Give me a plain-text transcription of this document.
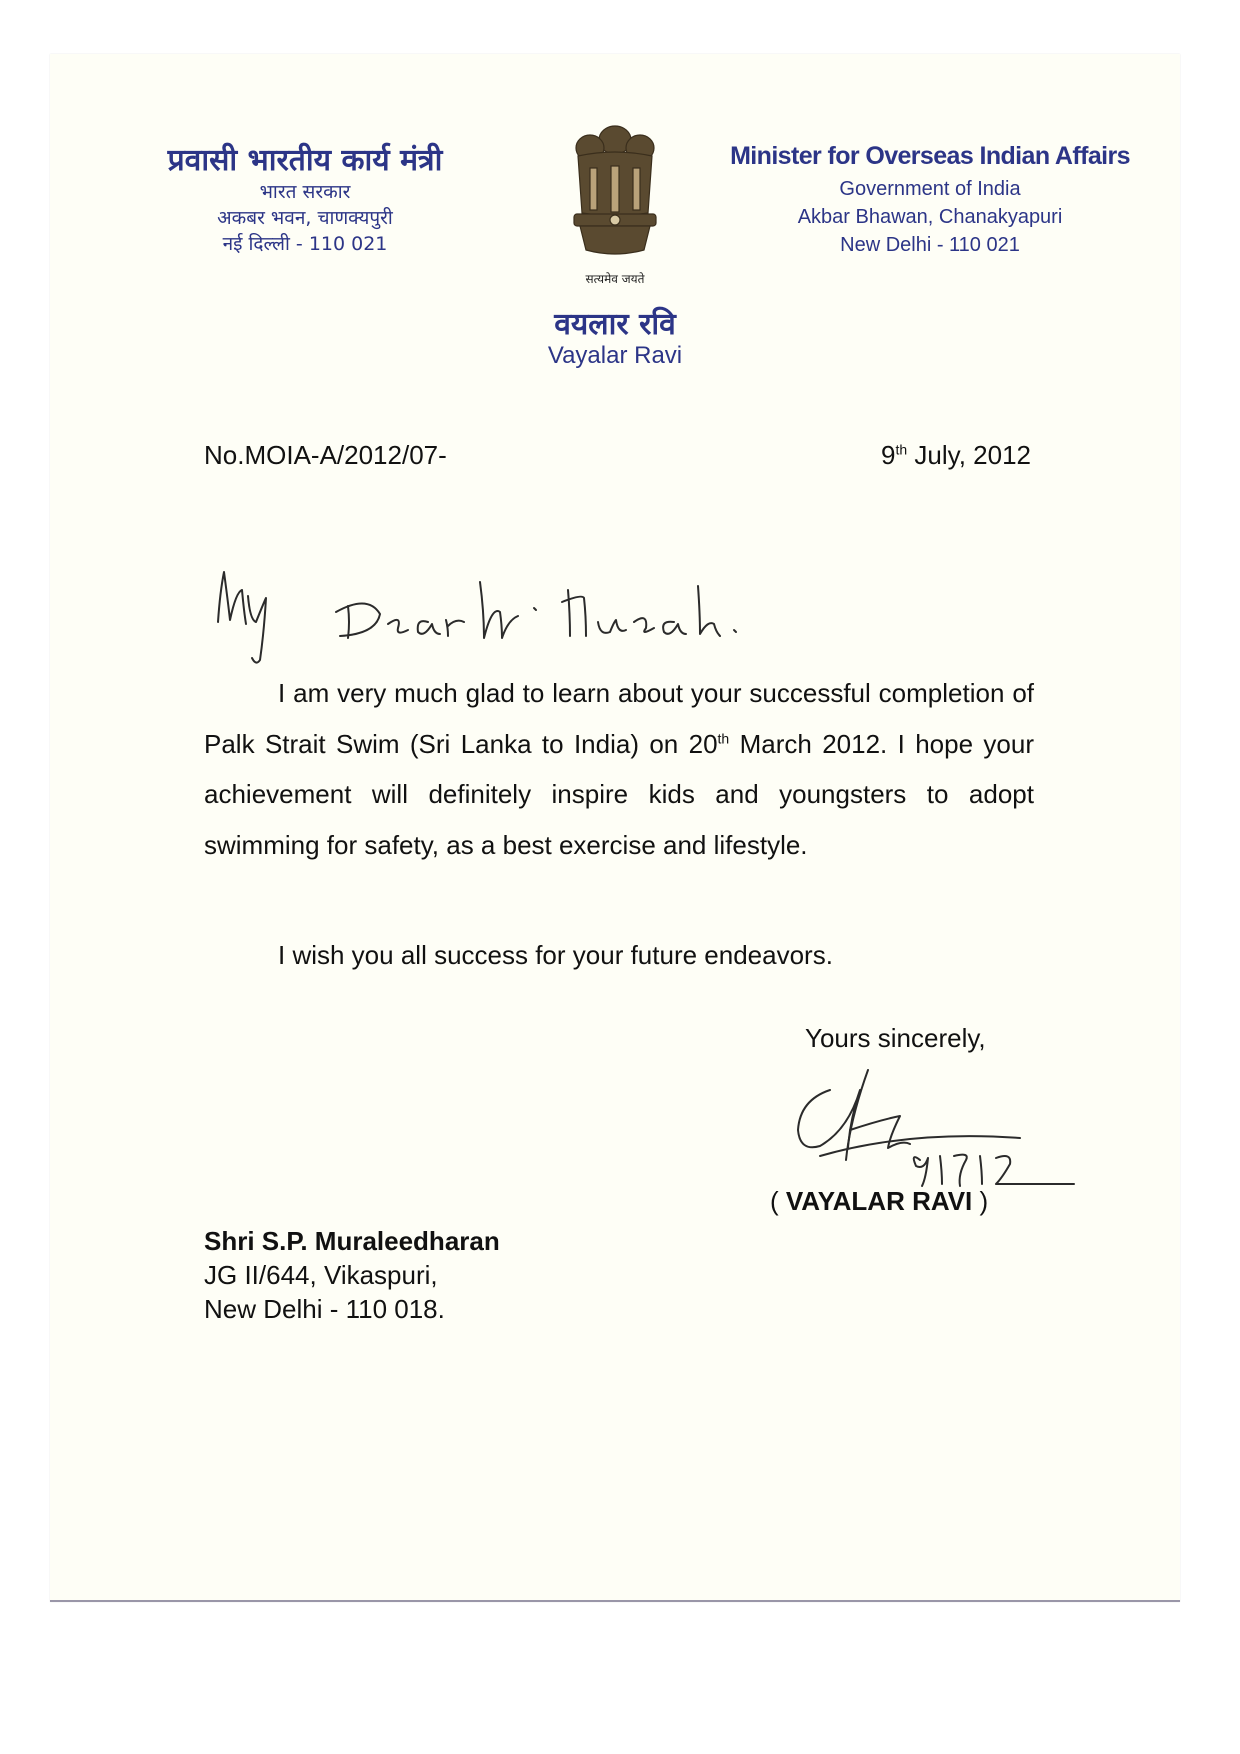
प्रवासी भारतीय कार्य मंत्री
भारत सरकार
अकबर भवन, चाणक्यपुरी
नई दिल्ली - 110 021
सत्यमेव जयते
वयलार रवि
Vayalar Ravi
Minister for Overseas Indian Affairs
Government of India
Akbar Bhawan, Chanakyapuri
New Delhi - 110 021
No.MOIA-A/2012/07-	9th July, 2012

I am very much glad to learn about your successful completion of Palk Strait Swim (Sri Lanka to India) on 20th March 2012. I hope your achievement will definitely inspire kids and youngsters to adopt swimming for safety, as a best exercise and lifestyle.

I wish you all success for your future endeavors.
Yours sincerely,
( VAYALAR RAVI )
Shri S.P. Muraleedharan
JG II/644, Vikaspuri,
New Delhi - 110 018.
